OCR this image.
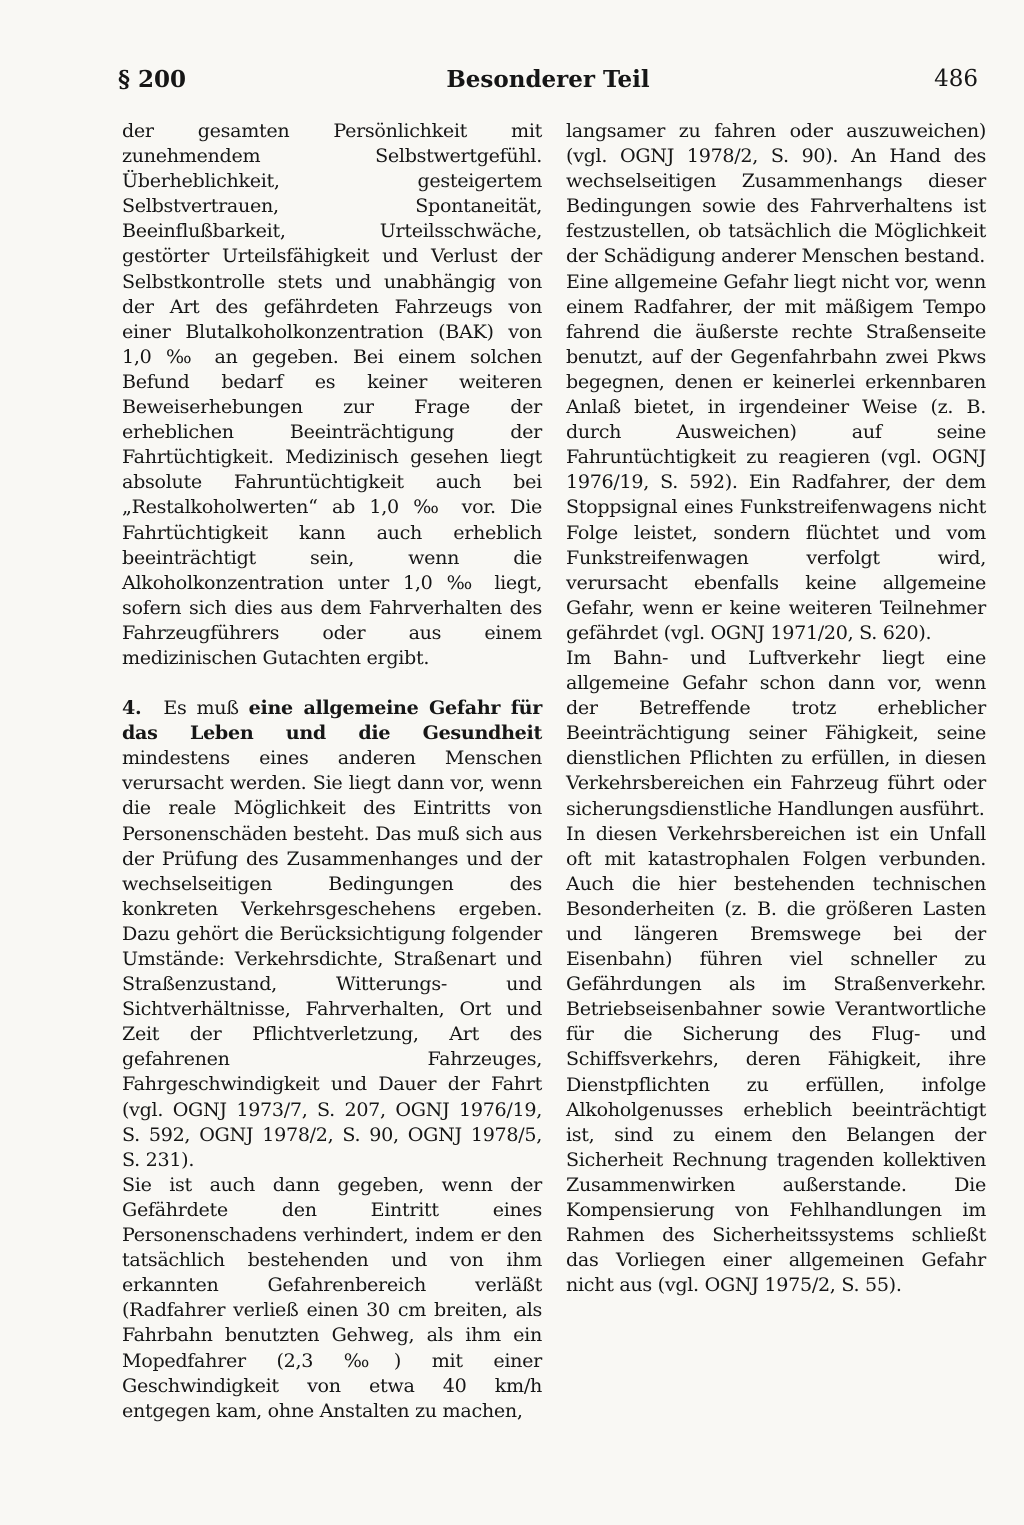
§ 200	Besonderer Teil	486

der gesamten Persönlichkeit mit zunehmendem Selbstwertgefühl. Überheblichkeit, gesteigertem Selbstvertrauen, Spontaneität, Beeinflußbarkeit, Urteilsschwäche, gestörter Urteilsfähigkeit und Verlust der Selbstkontrolle stets und unabhängig von der Art des gefährdeten Fahrzeugs von einer Blutalkoholkonzentration (BAK) von 1,0 ‰ an gegeben. Bei einem solchen Befund bedarf es keiner weiteren Beweiserhebungen zur Frage der erheblichen Beeinträchtigung der Fahrtüchtigkeit. Medizinisch gesehen liegt absolute Fahruntüchtigkeit auch bei „Restalkoholwerten“ ab 1,0 ‰ vor. Die Fahrtüchtigkeit kann auch erheblich beeinträchtigt sein, wenn die Alkoholkonzentration unter 1,0 ‰ liegt, sofern sich dies aus dem Fahrverhalten des Fahrzeugführers oder aus einem medizinischen Gutachten ergibt.

4. Es muß eine allgemeine Gefahr für das Leben und die Gesundheit mindestens eines anderen Menschen verursacht werden. Sie liegt dann vor, wenn die reale Möglichkeit des Eintritts von Personenschäden besteht. Das muß sich aus der Prüfung des Zusammenhanges und der wechselseitigen Bedingungen des konkreten Verkehrsgeschehens ergeben. Dazu gehört die Berücksichtigung folgender Umstände: Verkehrsdichte, Straßenart und Straßenzustand, Witterungs- und Sichtverhältnisse, Fahrverhalten, Ort und Zeit der Pflichtverletzung, Art des gefahrenen Fahrzeuges, Fahrgeschwindigkeit und Dauer der Fahrt (vgl. OGNJ 1973/7, S. 207, OGNJ 1976/19, S. 592, OGNJ 1978/2, S. 90, OGNJ 1978/5, S. 231).

Sie ist auch dann gegeben, wenn der Gefährdete den Eintritt eines Personenschadens verhindert, indem er den tatsächlich bestehenden und von ihm erkannten Gefahrenbereich verläßt (Radfahrer verließ einen 30 cm breiten, als Fahrbahn benutzten Gehweg, als ihm ein Mopedfahrer (2,3 ‰) mit einer Geschwindigkeit von etwa 40 km/h entgegen kam, ohne Anstalten zu machen,

langsamer zu fahren oder auszuweichen) (vgl. OGNJ 1978/2, S. 90). An Hand des wechselseitigen Zusammenhangs dieser Bedingungen sowie des Fahrverhaltens ist festzustellen, ob tatsächlich die Möglichkeit der Schädigung anderer Menschen bestand.

Eine allgemeine Gefahr liegt nicht vor, wenn einem Radfahrer, der mit mäßigem Tempo fahrend die äußerste rechte Straßenseite benutzt, auf der Gegenfahrbahn zwei Pkws begegnen, denen er keinerlei erkennbaren Anlaß bietet, in irgendeiner Weise (z. B. durch Ausweichen) auf seine Fahruntüchtigkeit zu reagieren (vgl. OGNJ 1976/19, S. 592). Ein Radfahrer, der dem Stoppsignal eines Funkstreifenwagens nicht Folge leistet, sondern flüchtet und vom Funkstreifenwagen verfolgt wird, verursacht ebenfalls keine allgemeine Gefahr, wenn er keine weiteren Teilnehmer gefährdet (vgl. OGNJ 1971/20, S. 620).

Im Bahn- und Luftverkehr liegt eine allgemeine Gefahr schon dann vor, wenn der Betreffende trotz erheblicher Beeinträchtigung seiner Fähigkeit, seine dienstlichen Pflichten zu erfüllen, in diesen Verkehrsbereichen ein Fahrzeug führt oder sicherungsdienstliche Handlungen ausführt.

In diesen Verkehrsbereichen ist ein Unfall oft mit katastrophalen Folgen verbunden. Auch die hier bestehenden technischen Besonderheiten (z. B. die größeren Lasten und längeren Bremswege bei der Eisenbahn) führen viel schneller zu Gefährdungen als im Straßenverkehr. Betriebseisenbahner sowie Verantwortliche für die Sicherung des Flug- und Schiffsverkehrs, deren Fähigkeit, ihre Dienstpflichten zu erfüllen, infolge Alkoholgenusses erheblich beeinträchtigt ist, sind zu einem den Belangen der Sicherheit Rechnung tragenden kollektiven Zusammenwirken außerstande. Die Kompensierung von Fehlhandlungen im Rahmen des Sicherheitssystems schließt das Vorliegen einer allgemeinen Gefahr nicht aus (vgl. OGNJ 1975/2, S. 55).
